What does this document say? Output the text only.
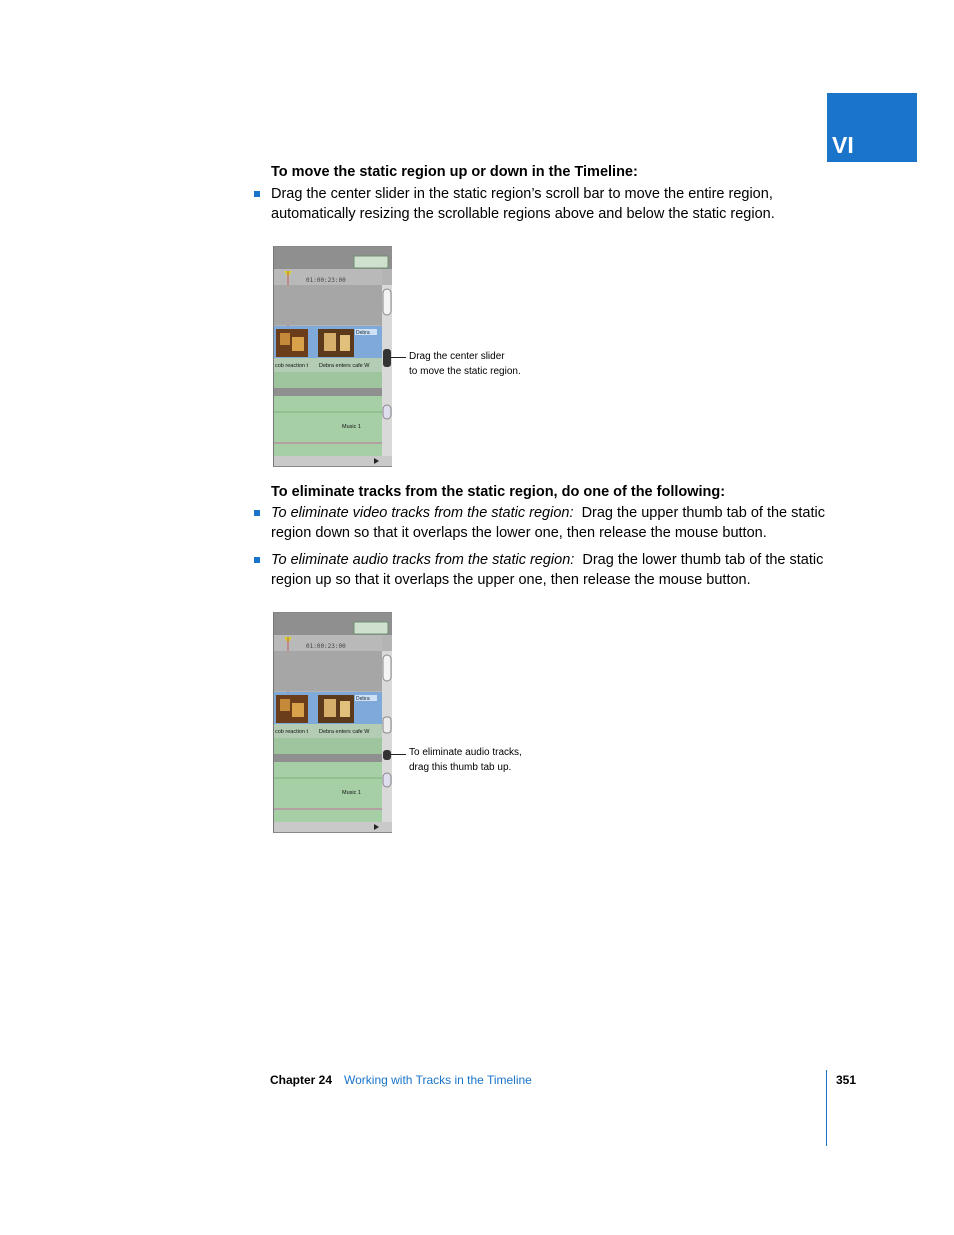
VI

To move the static region up or down in the Timeline:

Drag the center slider in the static region’s scroll bar to move the entire region,
automatically resizing the scrollable regions above and below the static region.

01:00:23:00
Debra
cob reaction t Debra enters cafe W
Music 1

Drag the center slider
to move the static region.

To eliminate tracks from the static region, do one of the following:

To eliminate video tracks from the static region: Drag the upper thumb tab of the static
region down so that it overlaps the lower one, then release the mouse button.

To eliminate audio tracks from the static region: Drag the lower thumb tab of the static
region up so that it overlaps the upper one, then release the mouse button.

01:00:23:00
Debra
cob reaction t Debra enters cafe W
Music 1

To eliminate audio tracks,
drag this thumb tab up.

Chapter 24 Working with Tracks in the Timeline	351
